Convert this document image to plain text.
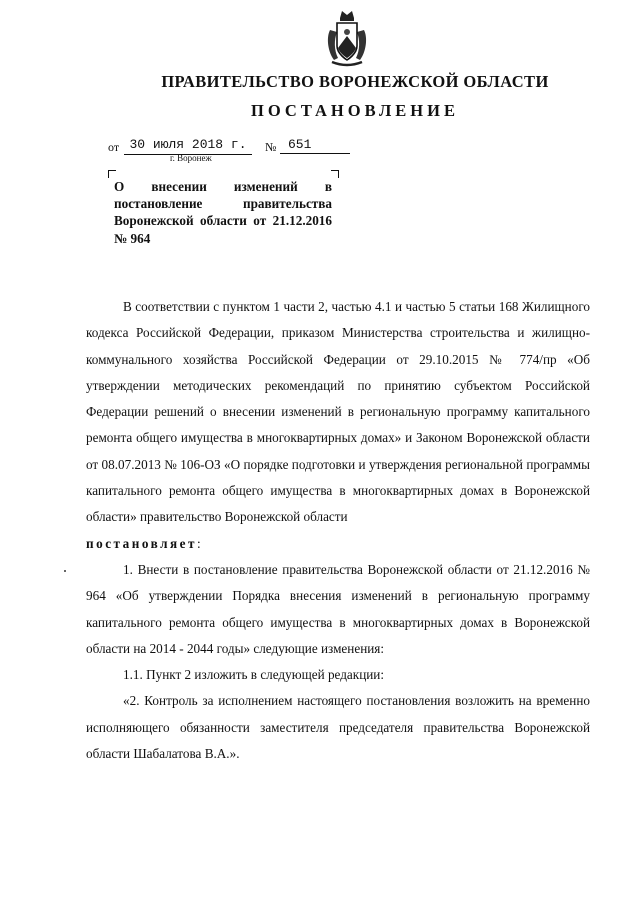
ПРАВИТЕЛЬСТВО ВОРОНЕЖСКОЙ ОБЛАСТИ
ПОСТАНОВЛЕНИЕ
от 30 июля 2018 г.	№ 651
г. Воронеж
О внесении изменений в постановление правительства Воронежской области от 21.12.2016 № 964

В соответствии с пунктом 1 части 2, частью 4.1 и частью 5 статьи 168 Жилищного кодекса Российской Федерации, приказом Министерства строительства и жилищно-коммунального хозяйства Российской Федерации от 29.10.2015 № 774/пр «Об утверждении методических рекомендаций по принятию субъектом Российской Федерации решений о внесении изменений в региональную программу капитального ремонта общего имущества в многоквартирных домах» и Законом Воронежской области от 08.07.2013 № 106-ОЗ «О порядке подготовки и утверждения региональной программы капитального ремонта общего имущества в многоквартирных домах в Воронежской области» правительство Воронежской области

постановляет:

1. Внести в постановление правительства Воронежской области от 21.12.2016 № 964 «Об утверждении Порядка внесения изменений в региональную программу капитального ремонта общего имущества в многоквартирных домах в Воронежской области на 2014 - 2044 годы» следующие изменения:

1.1. Пункт 2 изложить в следующей редакции:

«2. Контроль за исполнением настоящего постановления возложить на временно исполняющего обязанности заместителя председателя правительства Воронежской области Шабалатова В.А.».
